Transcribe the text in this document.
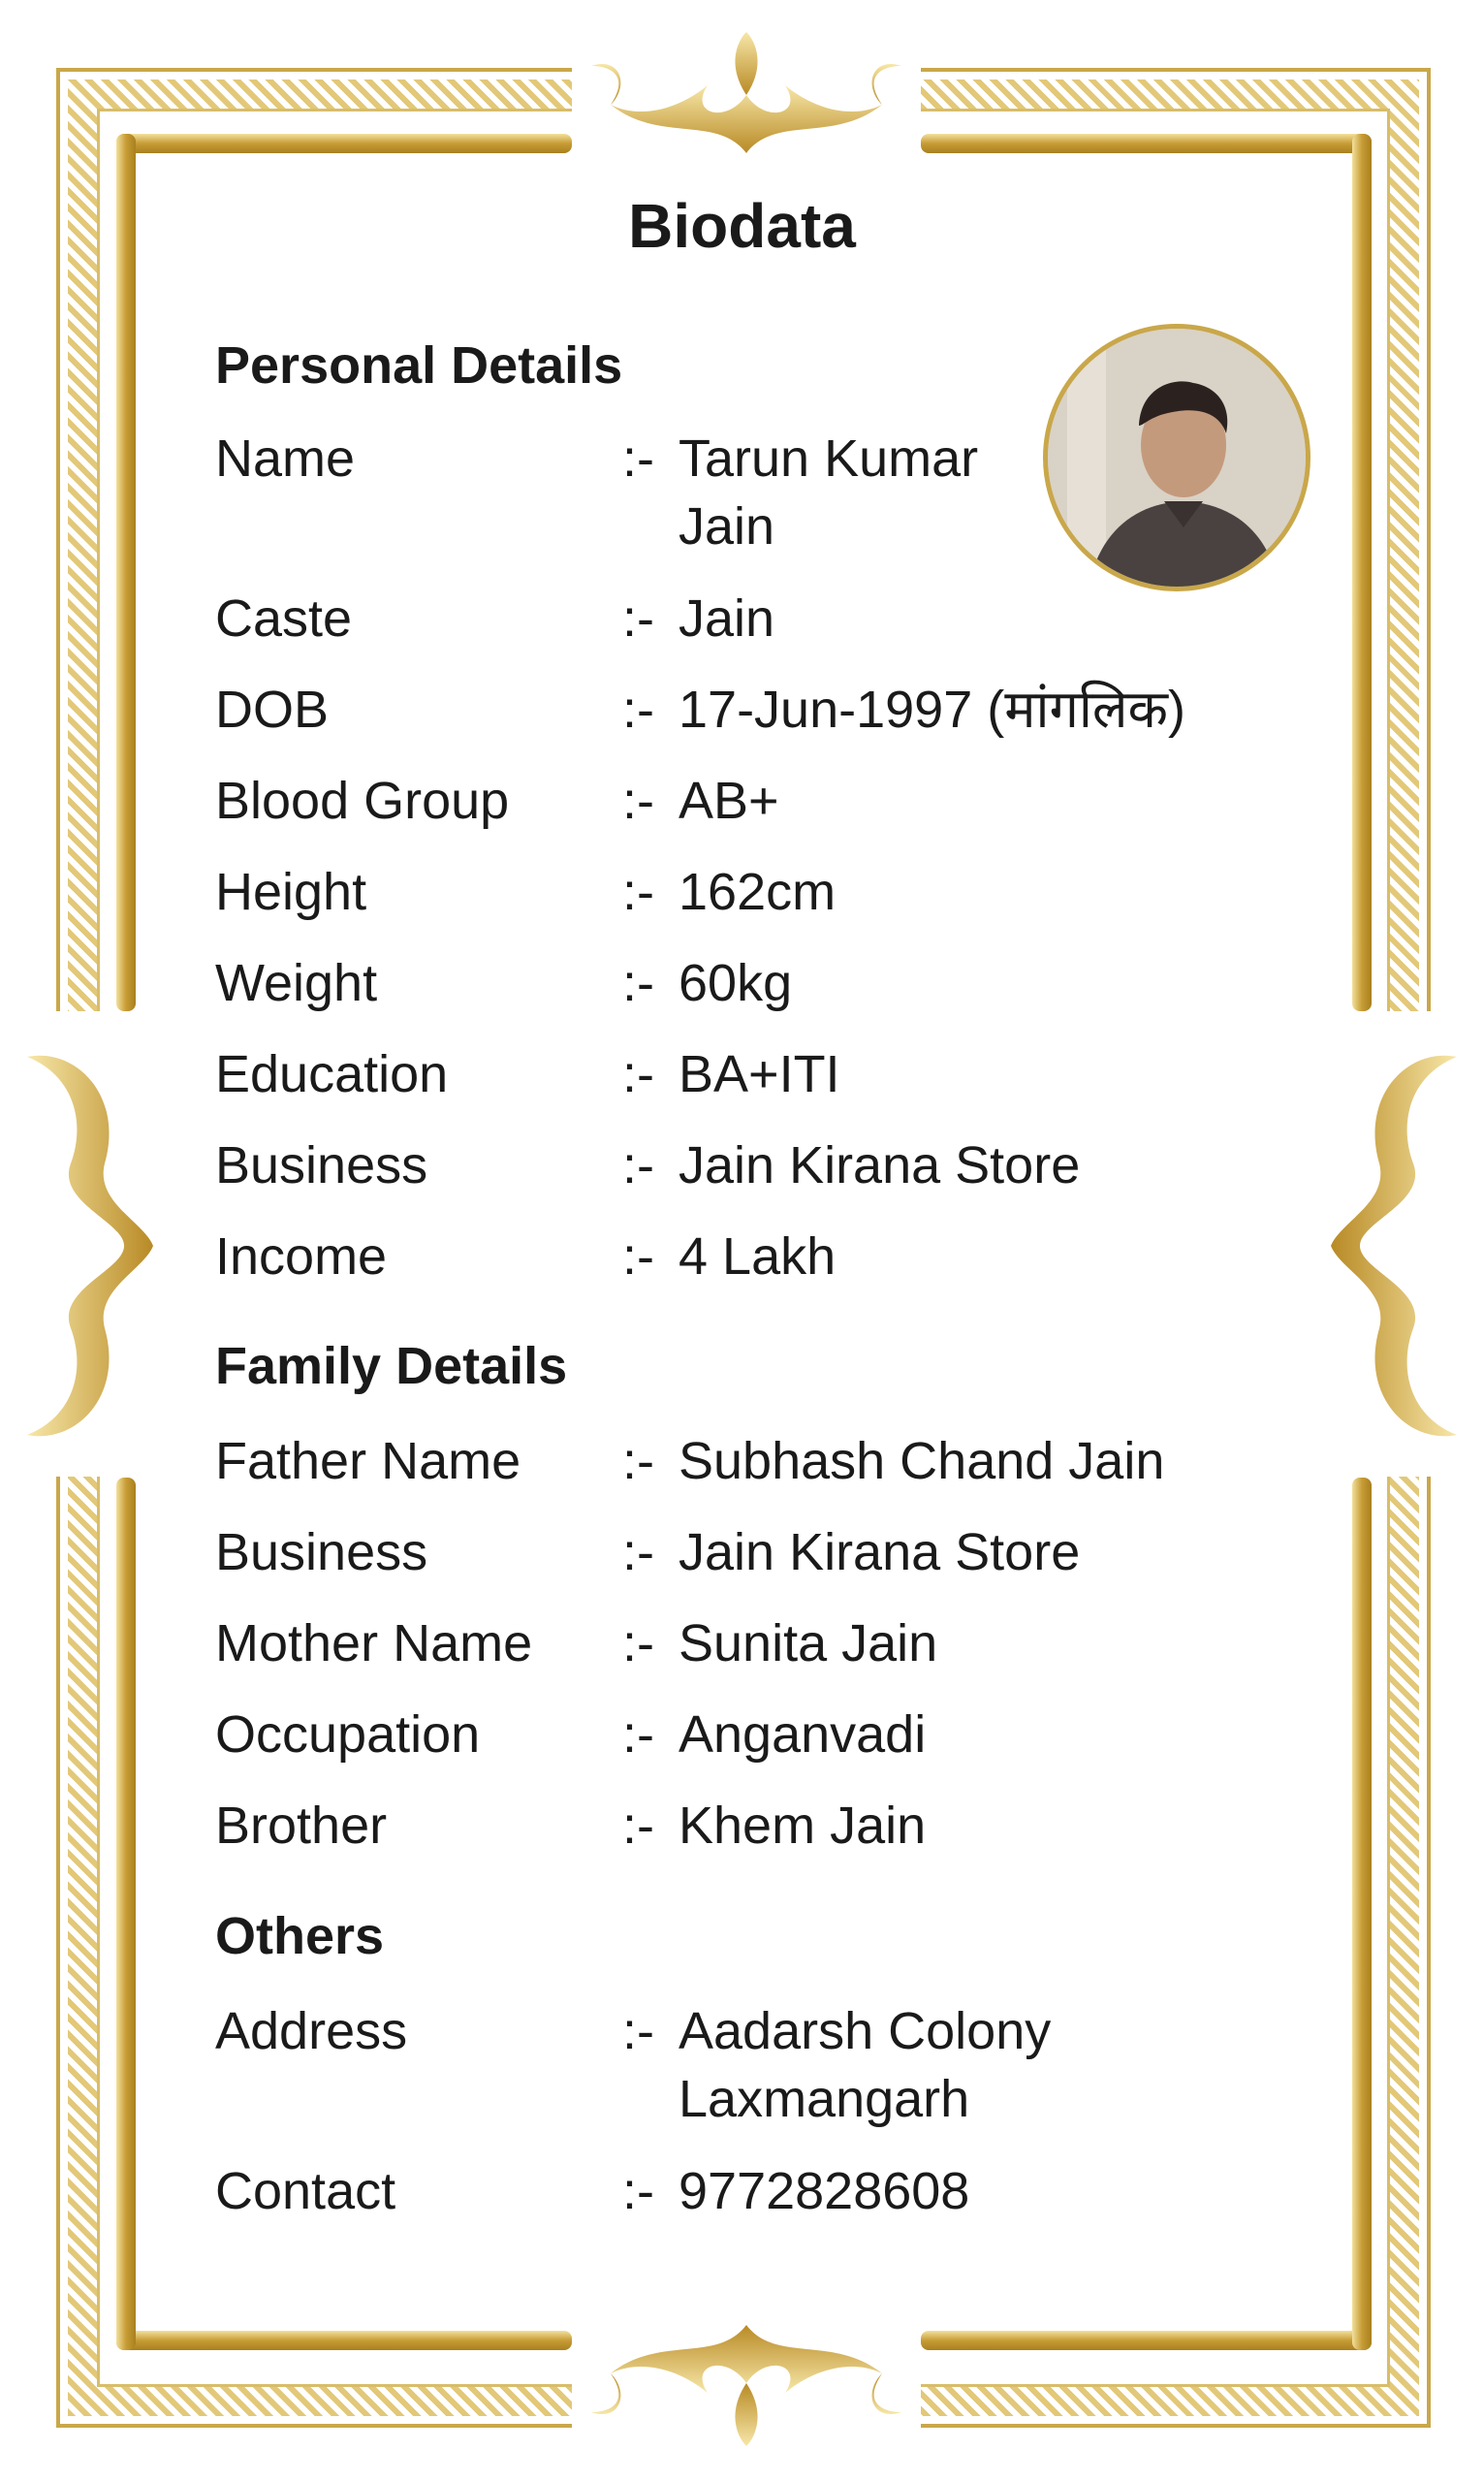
Biodata
Personal Details
Name	:- Tarun Kumar Jain
Caste	:- Jain
DOB	:- 17-Jun-1997 (मांगलिक)
Blood Group :- AB+
Height	:- 162cm
Weight	:- 60kg
Education	:- BA+ITI
Business	:- Jain Kirana Store
Income	:- 4 Lakh
Family Details
Father Name :- Subhash Chand Jain
Business	:- Jain Kirana Store
Mother Name :- Sunita Jain
Occupation	:- Anganvadi
Brother	:- Khem Jain
Others
Address	:- Aadarsh Colony Laxmangarh
Contact	:- 9772828608
